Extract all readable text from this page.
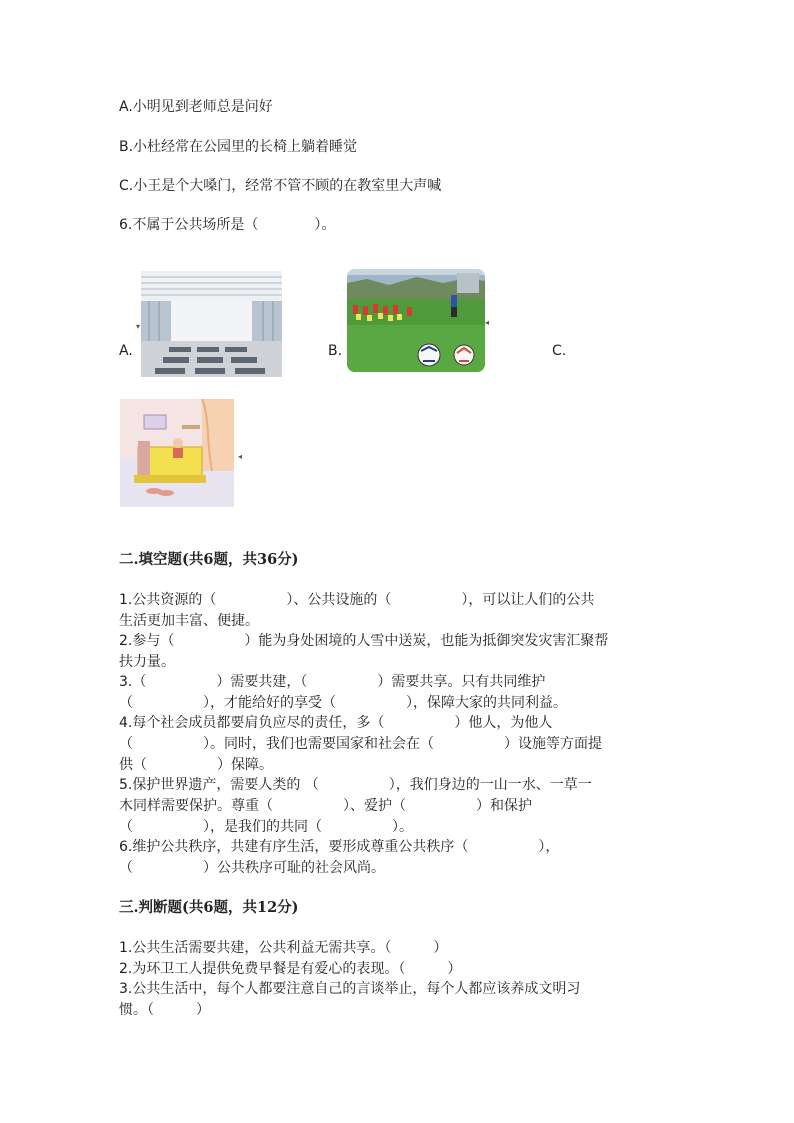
A.小明见到老师总是问好
B.小杜经常在公园里的长椅上躺着睡觉
C.小王是个大嗓门，经常不管不顾的在教室里大声喊
6.不属于公共场所是（　　　　）。
A.
▾
B.
◂
C.
◂
二.填空题(共6题，共36分)
1.公共资源的（　　　　　）、公共设施的（　　　　　），可以让人们的公共
生活更加丰富、便捷。
2.参与（　　　　　）能为身处困境的人雪中送炭，也能为抵御突发灾害汇聚帮
扶力量。
3.（　　　　　）需要共建，（　　　　　）需要共享。只有共同维护
（　　　　　），才能给好的享受（　　　　　），保障大家的共同利益。
4.每个社会成员都要肩负应尽的责任，多（　　　　　）他人，为他人
（　　　　　）。同时，我们也需要国家和社会在（　　　　　）设施等方面提
供（　　　　　）保障。
5.保护世界遗产，需要人类的 （　　　　　），我们身边的一山一水、一草一
木同样需要保护。尊重（　　　　　）、爱护（　　　　　）和保护
（　　　　　），是我们的共同（　　　　　）。
6.维护公共秩序，共建有序生活，要形成尊重公共秩序（　　　　　），
（　　　　　）公共秩序可耻的社会风尚。
三.判断题(共6题，共12分)
1.公共生活需要共建，公共利益无需共享。（　　　）
2.为环卫工人提供免费早餐是有爱心的表现。（　　　）
3.公共生活中，每个人都要注意自己的言谈举止，每个人都应该养成文明习
惯。（　　　）
